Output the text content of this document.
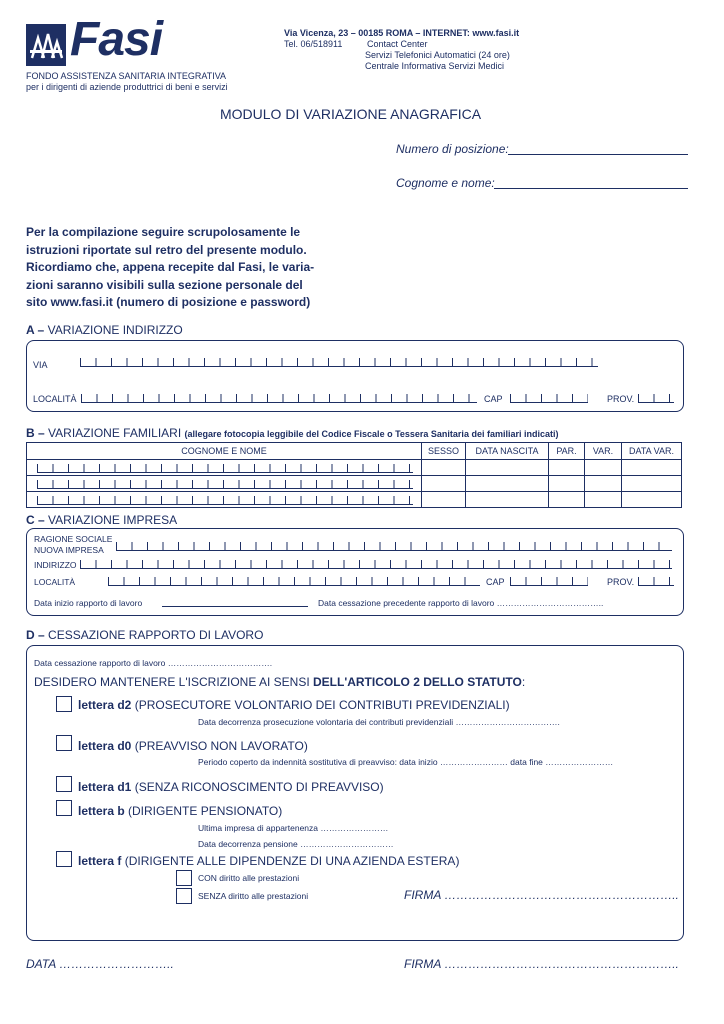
Fasi
FONDO ASSISTENZA SANITARIA INTEGRATIVA
per i dirigenti di aziende produttrici di beni e servizi
Via Vicenza, 23 – 00185 ROMA – INTERNET: www.fasi.it
Tel. 06/518911	Contact Center
Servizi Telefonici Automatici (24 ore)
Centrale Informativa Servizi Medici
MODULO DI VARIAZIONE ANAGRAFICA
Numero di posizione:
Cognome e nome:
Per la compilazione seguire scrupolosamente le
istruzioni riportate sul retro del presente modulo.
Ricordiamo che, appena recepite dal Fasi, le varia-
zioni saranno visibili sulla sezione personale del
sito www.fasi.it (numero di posizione e password)
A – VARIAZIONE INDIRIZZO
VIA
LOCALITÀ	CAP	PROV.
B – VARIAZIONE FAMILIARI (allegare fotocopia leggibile del Codice Fiscale o Tessera Sanitaria dei familiari indicati)
COGNOME E NOME	SESSO	DATA NASCITA	PAR.	VAR.	DATA VAR.

C – VARIAZIONE IMPRESA
RAGIONE SOCIALE
NUOVA IMPRESA
INDIRIZZO
LOCALITÀ	CAP	PROV.
Data inizio rapporto di lavoro	Data cessazione precedente rapporto di lavoro ………………………………..
D – CESSAZIONE RAPPORTO DI LAVORO
Data cessazione rapporto di lavoro ……………………………….
DESIDERO MANTENERE L'ISCRIZIONE AI SENSI DELL'ARTICOLO 2 DELLO STATUTO:
lettera d2 (PROSECUTORE VOLONTARIO DEI CONTRIBUTI PREVIDENZIALI)
Data decorrenza prosecuzione volontaria dei contributi previdenziali ……………………………….
lettera d0 (PREAVVISO NON LAVORATO)
Periodo coperto da indennità sostitutiva di preavviso: data inizio …………………… data fine ……………………
lettera d1 (SENZA RICONOSCIMENTO DI PREAVVISO)
lettera b (DIRIGENTE PENSIONATO)
Ultima impresa di appartenenza ……………………
Data decorrenza pensione ……………………………
lettera f (DIRIGENTE ALLE DIPENDENZE DI UNA AZIENDA ESTERA)
CON diritto alle prestazioni
SENZA diritto alle prestazioni	FIRMA …………………………………………………..
DATA ………………………..	FIRMA …………………………………………………..
